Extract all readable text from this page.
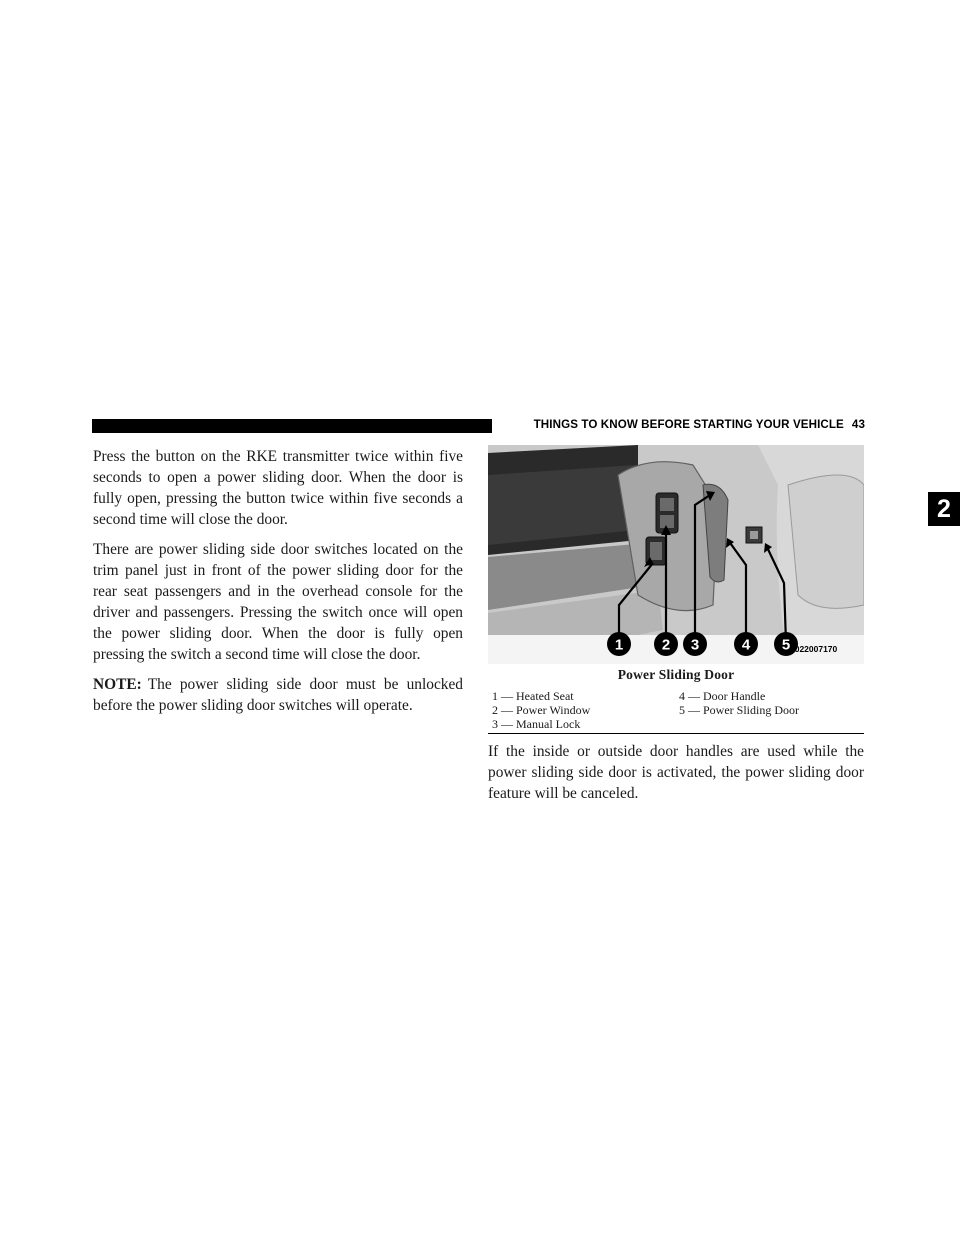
THINGS TO KNOW BEFORE STARTING YOUR VEHICLE 43
2

Press the button on the RKE transmitter twice within five seconds to open a power sliding door. When the door is fully open, pressing the button twice within five seconds a second time will close the door.

There are power sliding side door switches located on the trim panel just in front of the power sliding door for the rear seat passengers and in the overhead console for the driver and passengers. Pressing the switch once will open the power sliding door. When the door is fully open pressing the switch a second time will close the door.

NOTE: The power sliding side door must be unlocked before the power sliding door switches will operate.

1	2 3	4 5 022007170
Power Sliding Door
1 — Heated Seat
2 — Power Window
3 — Manual Lock
4 — Door Handle
5 — Power Sliding Door
If the inside or outside door handles are used while the power sliding side door is activated, the power sliding door feature will be canceled.
